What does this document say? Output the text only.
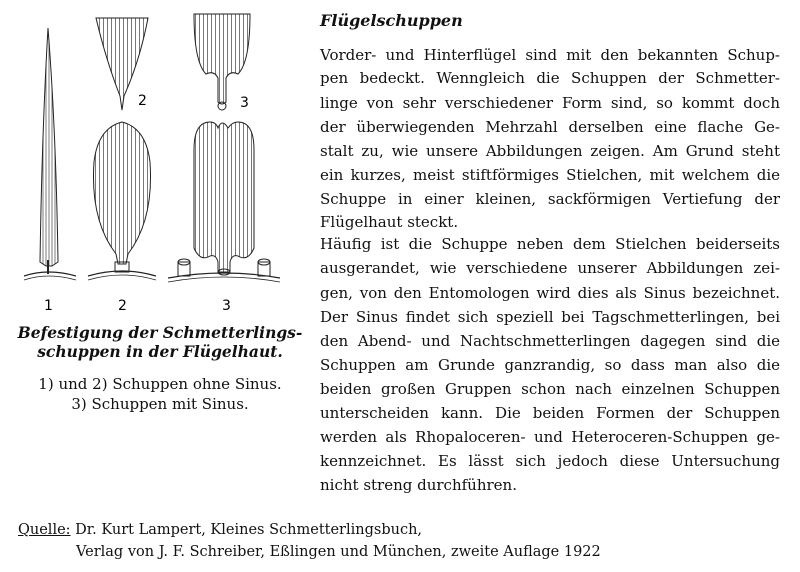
2	3
1	2	3
Befestigung der Schmetterlings-
schuppen in der Flügelhaut.
1) und 2) Schuppen ohne Sinus.
3) Schuppen mit Sinus.
Flügelschuppen
Vorder- und Hinterflügel sind mit den bekannten Schup-
pen bedeckt. Wenngleich die Schuppen der Schmetter-
linge von sehr verschiedener Form sind, so kommt doch
der überwiegenden Mehrzahl derselben eine flache Ge-
stalt zu, wie unsere Abbildungen zeigen. Am Grund steht
ein kurzes, meist stiftförmiges Stielchen, mit welchem die
Schuppe in einer kleinen, sackförmigen Vertiefung der
Flügelhaut steckt.
Häufig ist die Schuppe neben dem Stielchen beiderseits
ausgerandet, wie verschiedene unserer Abbildungen zei-
gen, von den Entomologen wird dies als Sinus bezeichnet.
Der Sinus findet sich speziell bei Tagschmetterlingen, bei
den Abend- und Nachtschmetterlingen dagegen sind die
Schuppen am Grunde ganzrandig, so dass man also die
beiden großen Gruppen schon nach einzelnen Schuppen
unterscheiden kann. Die beiden Formen der Schuppen
werden als Rhopaloceren- und Heteroceren-Schuppen ge-
kennzeichnet. Es lässt sich jedoch diese Untersuchung
nicht streng durchführen.
Quelle: Dr. Kurt Lampert, Kleines Schmetterlingsbuch,
Verlag von J. F. Schreiber, Eßlingen und München, zweite Auflage 1922
